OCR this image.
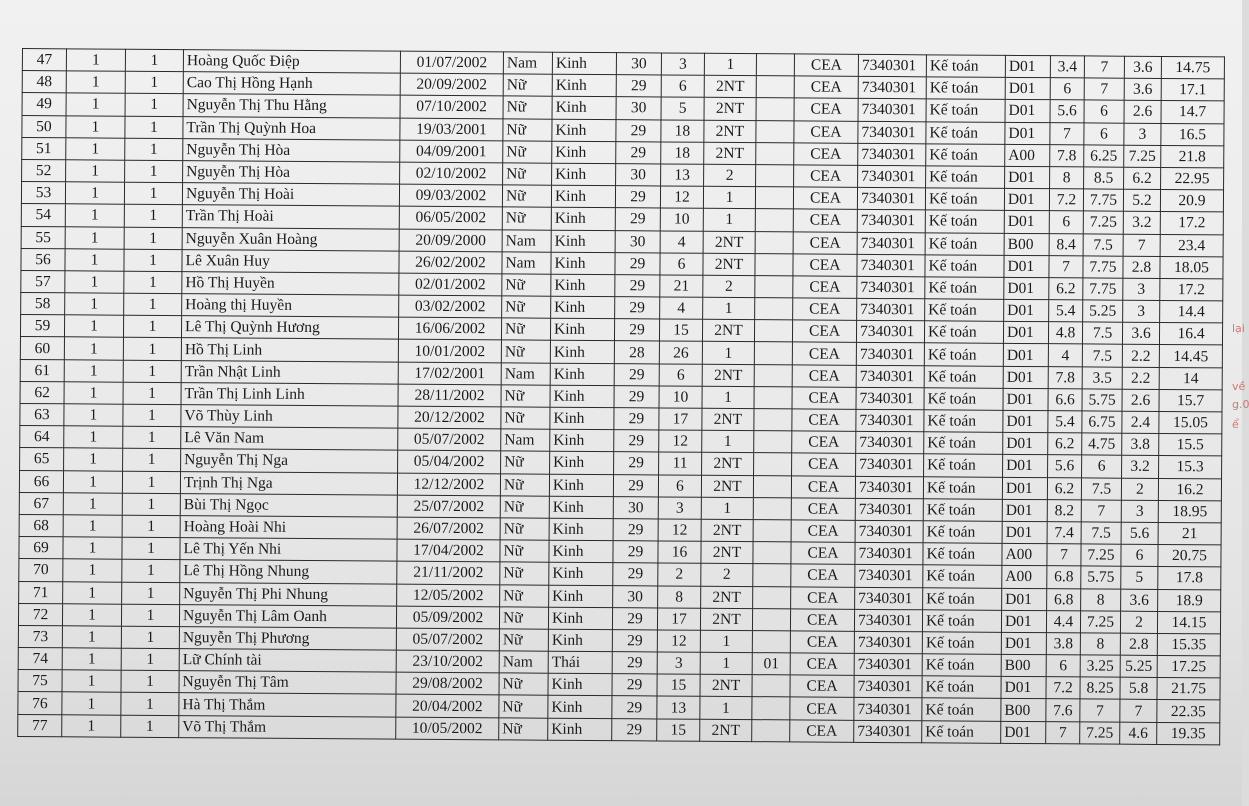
47	1	1	Hoàng Quốc Điệp	01/07/2002	Nam	Kinh	30	3	1		CEA	7340301	Kế toán	D01	3.4	7	3.6	14.75
48	1	1	Cao Thị Hồng Hạnh	20/09/2002	Nữ	Kinh	29	6	2NT		CEA	7340301	Kế toán	D01	6	7	3.6	17.1
49	1	1	Nguyễn Thị Thu Hằng	07/10/2002	Nữ	Kinh	30	5	2NT		CEA	7340301	Kế toán	D01	5.6	6	2.6	14.7
50	1	1	Trần Thị Quỳnh Hoa	19/03/2001	Nữ	Kinh	29	18	2NT		CEA	7340301	Kế toán	D01	7	6	3	16.5
51	1	1	Nguyễn Thị Hòa	04/09/2001	Nữ	Kinh	29	18	2NT		CEA	7340301	Kế toán	A00	7.8	6.25	7.25	21.8
52	1	1	Nguyễn Thị Hòa	02/10/2002	Nữ	Kinh	30	13	2		CEA	7340301	Kế toán	D01	8	8.5	6.2	22.95
53	1	1	Nguyễn Thị Hoài	09/03/2002	Nữ	Kinh	29	12	1		CEA	7340301	Kế toán	D01	7.2	7.75	5.2	20.9
54	1	1	Trần Thị Hoài	06/05/2002	Nữ	Kinh	29	10	1		CEA	7340301	Kế toán	D01	6	7.25	3.2	17.2
55	1	1	Nguyễn Xuân Hoàng	20/09/2000	Nam	Kinh	30	4	2NT		CEA	7340301	Kế toán	B00	8.4	7.5	7	23.4
56	1	1	Lê Xuân Huy	26/02/2002	Nam	Kinh	29	6	2NT		CEA	7340301	Kế toán	D01	7	7.75	2.8	18.05
57	1	1	Hồ Thị Huyền	02/01/2002	Nữ	Kinh	29	21	2		CEA	7340301	Kế toán	D01	6.2	7.75	3	17.2
58	1	1	Hoàng thị Huyền	03/02/2002	Nữ	Kinh	29	4	1		CEA	7340301	Kế toán	D01	5.4	5.25	3	14.4
59	1	1	Lê Thị Quỳnh Hương	16/06/2002	Nữ	Kinh	29	15	2NT		CEA	7340301	Kế toán	D01	4.8	7.5	3.6	16.4
60	1	1	Hồ Thị Linh	10/01/2002	Nữ	Kinh	28	26	1		CEA	7340301	Kế toán	D01	4	7.5	2.2	14.45
61	1	1	Trần Nhật Linh	17/02/2001	Nam	Kinh	29	6	2NT		CEA	7340301	Kế toán	D01	7.8	3.5	2.2	14
62	1	1	Trần Thị Linh Linh	28/11/2002	Nữ	Kinh	29	10	1		CEA	7340301	Kế toán	D01	6.6	5.75	2.6	15.7
63	1	1	Võ Thùy Linh	20/12/2002	Nữ	Kinh	29	17	2NT		CEA	7340301	Kế toán	D01	5.4	6.75	2.4	15.05
64	1	1	Lê Văn Nam	05/07/2002	Nam	Kinh	29	12	1		CEA	7340301	Kế toán	D01	6.2	4.75	3.8	15.5
65	1	1	Nguyễn Thị Nga	05/04/2002	Nữ	Kinh	29	11	2NT		CEA	7340301	Kế toán	D01	5.6	6	3.2	15.3
66	1	1	Trịnh Thị Nga	12/12/2002	Nữ	Kinh	29	6	2NT		CEA	7340301	Kế toán	D01	6.2	7.5	2	16.2
67	1	1	Bùi Thị Ngọc	25/07/2002	Nữ	Kinh	30	3	1		CEA	7340301	Kế toán	D01	8.2	7	3	18.95
68	1	1	Hoàng Hoài Nhi	26/07/2002	Nữ	Kinh	29	12	2NT		CEA	7340301	Kế toán	D01	7.4	7.5	5.6	21
69	1	1	Lê Thị Yến Nhi	17/04/2002	Nữ	Kinh	29	16	2NT		CEA	7340301	Kế toán	A00	7	7.25	6	20.75
70	1	1	Lê Thị Hồng Nhung	21/11/2002	Nữ	Kinh	29	2	2		CEA	7340301	Kế toán	A00	6.8	5.75	5	17.8
71	1	1	Nguyễn Thị Phi Nhung	12/05/2002	Nữ	Kinh	30	8	2NT		CEA	7340301	Kế toán	D01	6.8	8	3.6	18.9
72	1	1	Nguyễn Thị Lâm Oanh	05/09/2002	Nữ	Kinh	29	17	2NT		CEA	7340301	Kế toán	D01	4.4	7.25	2	14.15
73	1	1	Nguyễn Thị Phương	05/07/2002	Nữ	Kinh	29	12	1		CEA	7340301	Kế toán	D01	3.8	8	2.8	15.35
74	1	1	Lữ Chính tài	23/10/2002	Nam	Thái	29	3	1	01	CEA	7340301	Kế toán	B00	6	3.25	5.25	17.25
75	1	1	Nguyễn Thị Tâm	29/08/2002	Nữ	Kinh	29	15	2NT		CEA	7340301	Kế toán	D01	7.2	8.25	5.8	21.75
76	1	1	Hà Thị Thắm	20/04/2002	Nữ	Kinh	29	13	1		CEA	7340301	Kế toán	B00	7.6	7	7	22.35
77	1	1	Võ Thị Thắm	10/05/2002	Nữ	Kinh	29	15	2NT		CEA	7340301	Kế toán	D01	7	7.25	4.6	19.35
lại
về
g.0
ể
